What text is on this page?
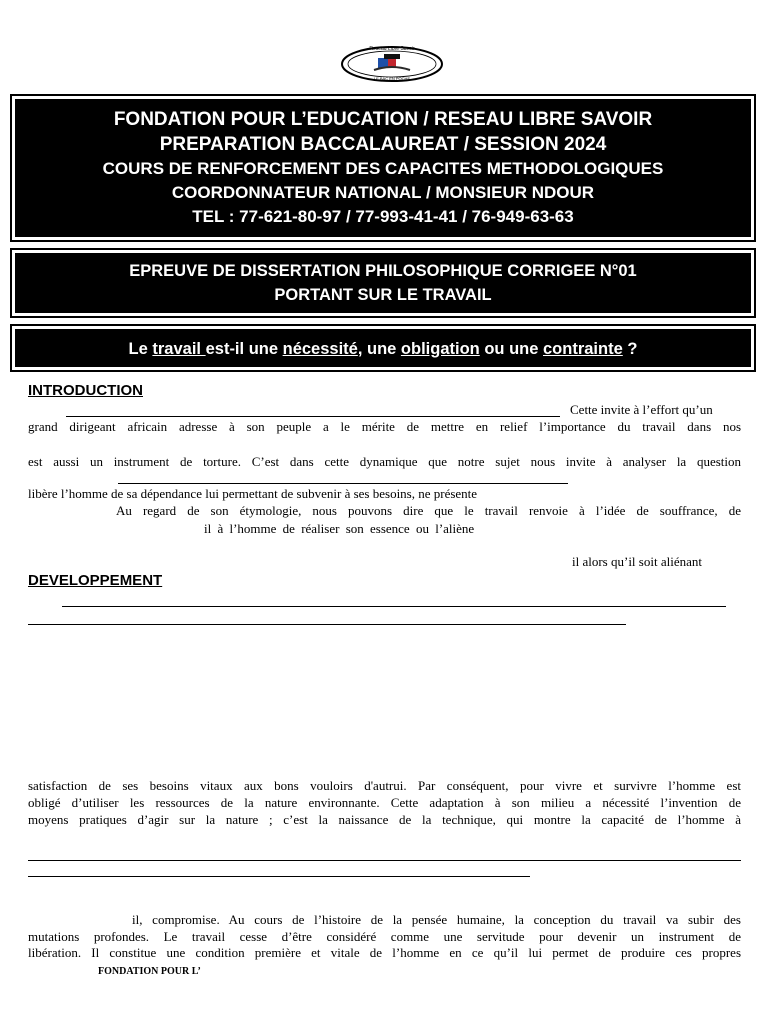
Reseau Libre Savoir
LE BAC EN POCHE
FONDATION POUR L’EDUCATION / RESEAU LIBRE SAVOIR
PREPARATION BACCALAUREAT / SESSION 2024
COURS DE RENFORCEMENT DES CAPACITES METHODOLOGIQUES
COORDONNATEUR NATIONAL / MONSIEUR NDOUR
TEL : 77-621-80-97 / 77-993-41-41 / 76-949-63-63
EPREUVE DE DISSERTATION PHILOSOPHIQUE CORRIGEE N°01
PORTANT SUR LE TRAVAIL
Le travail est-il une nécessité, une obligation ou une contrainte ?
INTRODUCTION
Cette invite à l’effort qu’un
grand dirigeant africain adresse à son peuple a le mérite de mettre en relief l’importance du travail dans nos
est aussi un instrument de torture. C’est dans cette dynamique que notre sujet nous invite à analyser la question
libère l’homme de sa dépendance lui permettant de subvenir à ses besoins, ne présente
Au regard de son étymologie, nous pouvons dire que le travail renvoie à l’idée de souffrance, de
il à l’homme de réaliser son essence ou l’aliène
il alors qu’il soit aliénant
DEVELOPPEMENT
satisfaction de ses besoins vitaux aux bons vouloirs d'autrui. Par conséquent, pour vivre et survivre l’homme est
obligé d’utiliser les ressources de la nature environnante. Cette adaptation à son milieu a nécessité l’invention de
moyens pratiques d’agir sur la nature ; c’est la naissance de la technique, qui montre la capacité de l’homme à
il, compromise. Au cours de l’histoire de la pensée humaine, la conception du travail va subir des
mutations profondes. Le travail cesse d’être considéré comme une servitude pour devenir un instrument de
libération. Il constitue une condition première et vitale de l’homme en ce qu’il lui permet de produire ces propres
FONDATION POUR L’
